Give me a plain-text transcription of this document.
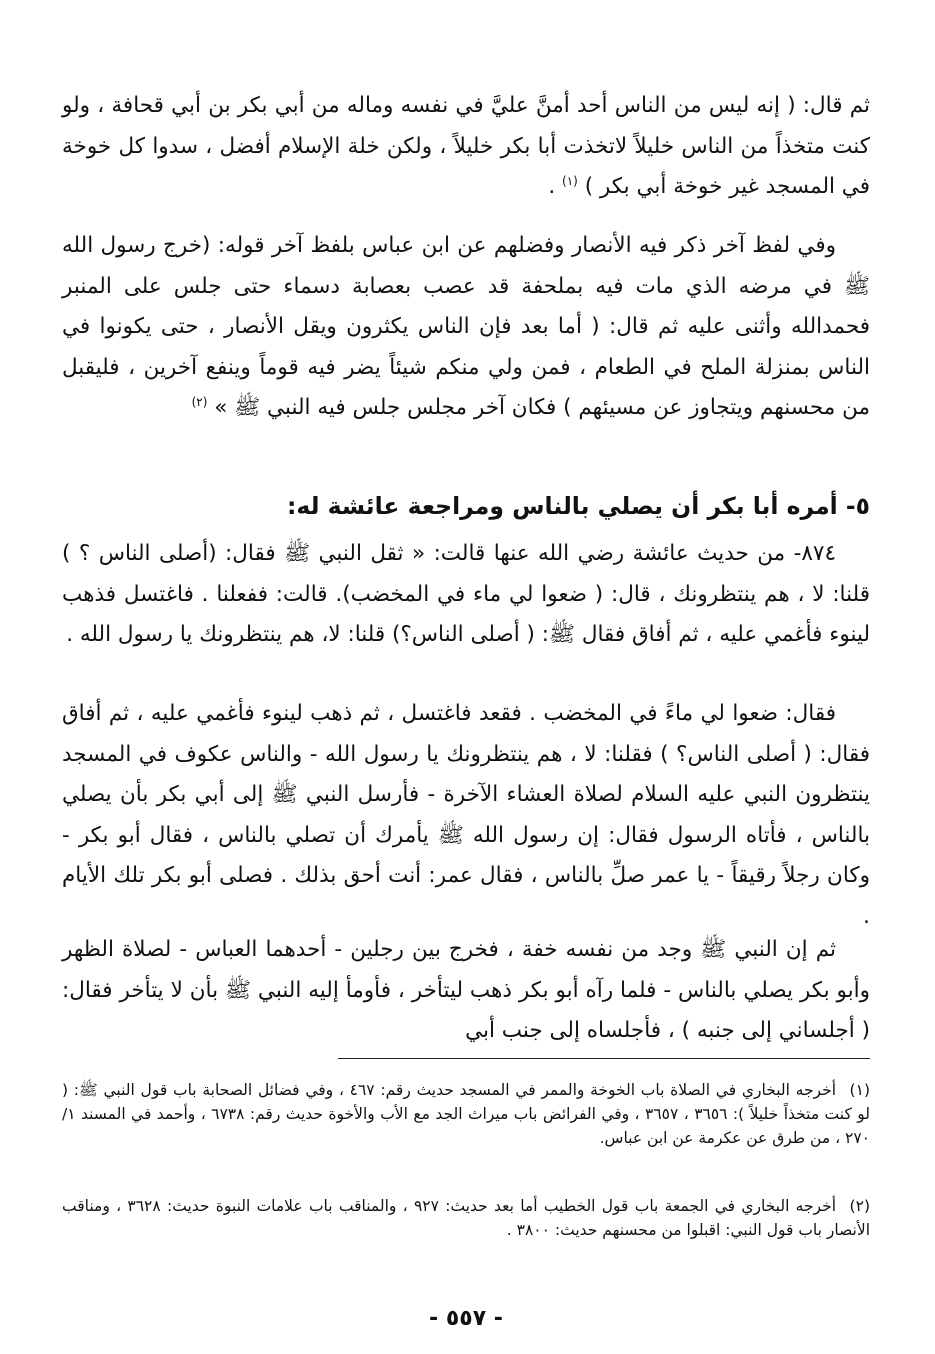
ثم قال: ( إنه ليس من الناس أحد أمنَّ عليَّ في نفسه وماله من أبي بكر بن أبي قحافة ، ولو كنت متخذاً من الناس خليلاً لاتخذت أبا بكر خليلاً ، ولكن خلة الإسلام أفضل ، سدوا كل خوخة في المسجد غير خوخة أبي بكر ) $^{(١)}$ .

وفي لفظ آخر ذكر فيه الأنصار وفضلهم عن ابن عباس بلفظ آخر قوله: (خرج رسول الله ﷺ في مرضه الذي مات فيه بملحفة قد عصب بعصابة دسماء حتى جلس على المنبر فحمدالله وأثنى عليه ثم قال: ( أما بعد فإن الناس يكثرون ويقل الأنصار ، حتى يكونوا في الناس بمنزلة الملح في الطعام ، فمن ولي منكم شيئاً يضر فيه قوماً وينفع آخرين ، فليقبل من محسنهم ويتجاوز عن مسيئهم ) فكان آخر مجلس جلس فيه النبي ﷺ » $^{(٢)}$

٥- أمره أبا بكر أن يصلي بالناس ومراجعة عائشة له:

٨٧٤- من حديث عائشة رضي الله عنها قالت: « ثقل النبي ﷺ فقال: (أصلى الناس ؟ ) قلنا: لا ، هم ينتظرونك ، قال: ( ضعوا لي ماء في المخضب). قالت: ففعلنا . فاغتسل فذهب لينوء فأغمي عليه ، ثم أفاق فقال ﷺ: ( أصلى الناس؟) قلنا: لا، هم ينتظرونك يا رسول الله .

فقال: ضعوا لي ماءً في المخضب . فقعد فاغتسل ، ثم ذهب لينوء فأغمي عليه ، ثم أفاق فقال: ( أصلى الناس؟ ) فقلنا: لا ، هم ينتظرونك يا رسول الله - والناس عكوف في المسجد ينتظرون النبي عليه السلام لصلاة العشاء الآخرة - فأرسل النبي ﷺ إلى أبي بكر بأن يصلي بالناس ، فأتاه الرسول فقال: إن رسول الله ﷺ يأمرك أن تصلي بالناس ، فقال أبو بكر - وكان رجلاً رقيقاً - يا عمر صلِّ بالناس ، فقال عمر: أنت أحق بذلك . فصلى أبو بكر تلك الأيام .

ثم إن النبي ﷺ وجد من نفسه خفة ، فخرج بين رجلين - أحدهما العباس - لصلاة الظهر وأبو بكر يصلي بالناس - فلما رآه أبو بكر ذهب ليتأخر ، فأومأ إليه النبي ﷺ بأن لا يتأخر فقال: ( أجلساني إلى جنبه ) ، فأجلساه إلى جنب أبي

(١)أخرجه البخاري في الصلاة باب الخوخة والممر في المسجد حديث رقم: ٤٦٧ ، وفي فضائل الصحابة باب قول النبي ﷺ: ( لو كنت متخذاً خليلاً ): ٣٦٥٦ ، ٣٦٥٧ ، وفي الفرائض باب ميراث الجد مع الأب والأخوة حديث رقم: ٦٧٣٨ ، وأحمد في المسند ١/ ٢٧٠ ، من طرق عن عكرمة عن ابن عباس.

(٢)أخرجه البخاري في الجمعة باب قول الخطيب أما بعد حديث: ٩٢٧ ، والمناقب باب علامات النبوة حديث: ٣٦٢٨ ، ومناقب الأنصار باب قول النبي: اقبلوا من محسنهم حديث: ٣٨٠٠ .

- ٥٥٧ -
